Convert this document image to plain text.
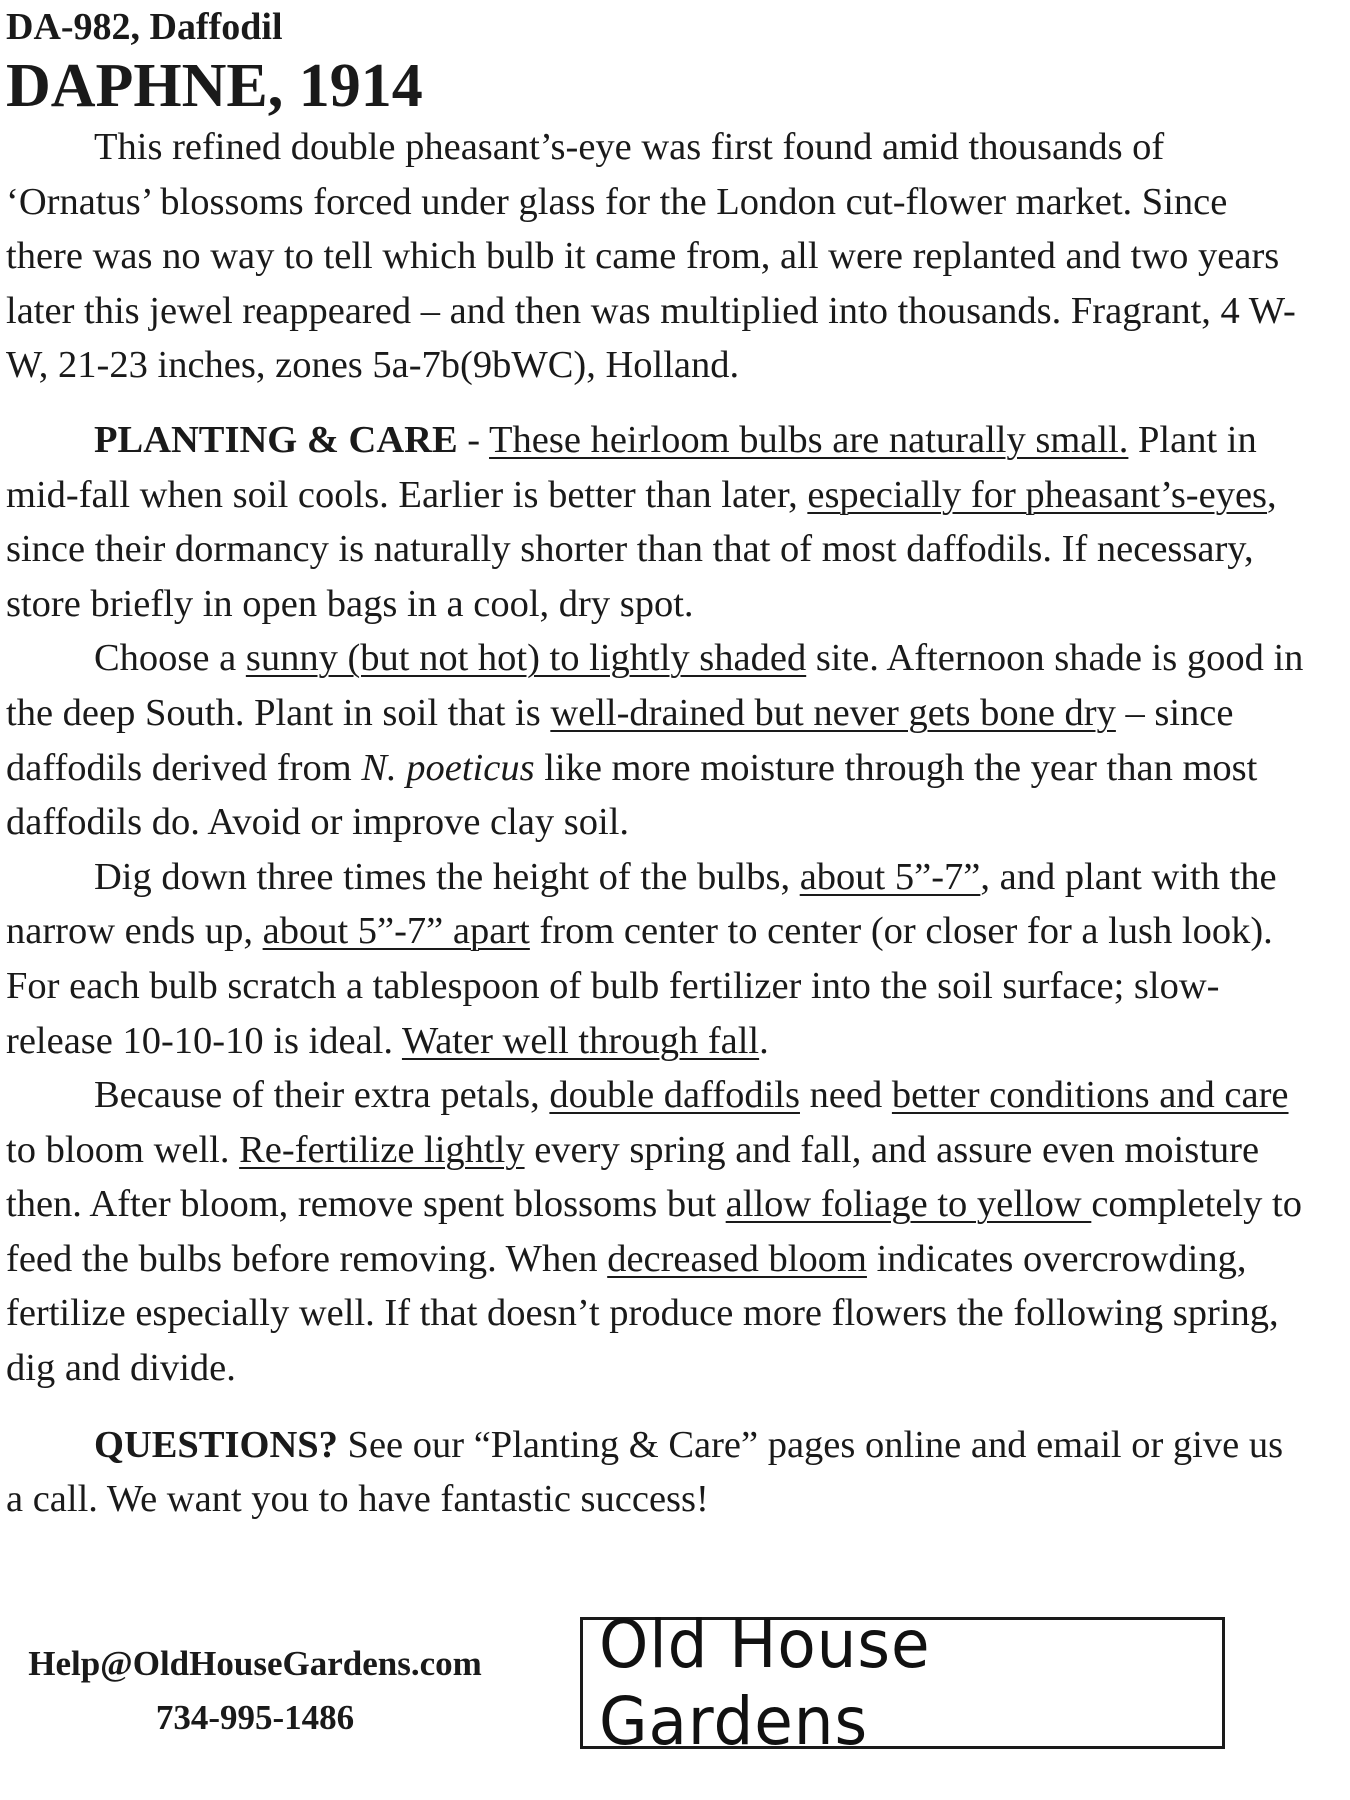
DA-982, Daffodil

DAPHNE, 1914

This refined double pheasant’s-eye was first found amid thousands of ‘Ornatus’ blossoms forced under glass for the London cut-flower market. Since there was no way to tell which bulb it came from, all were replanted and two years later this jewel reappeared – and then was multiplied into thousands. Fragrant, 4 W-W, 21-23 inches, zones 5a-7b(9bWC), Holland.

PLANTING & CARE - These heirloom bulbs are naturally small. Plant in mid-fall when soil cools. Earlier is better than later, especially for pheasant’s-eyes, since their dormancy is naturally shorter than that of most daffodils. If necessary, store briefly in open bags in a cool, dry spot.

Choose a sunny (but not hot) to lightly shaded site. Afternoon shade is good in the deep South. Plant in soil that is well-drained but never gets bone dry – since daffodils derived from N. poeticus like more moisture through the year than most daffodils do. Avoid or improve clay soil.

Dig down three times the height of the bulbs, about 5”-7”, and plant with the narrow ends up, about 5”-7” apart from center to center (or closer for a lush look). For each bulb scratch a tablespoon of bulb fertilizer into the soil surface; slow-release 10-10-10 is ideal. Water well through fall.

Because of their extra petals, double daffodils need better conditions and care to bloom well. Re-fertilize lightly every spring and fall, and assure even moisture then. After bloom, remove spent blossoms but allow foliage to yellow completely to feed the bulbs before removing. When decreased bloom indicates overcrowding, fertilize especially well. If that doesn’t produce more flowers the following spring, dig and divide.

QUESTIONS? See our “Planting & Care” pages online and email or give us a call. We want you to have fantastic success!

Help@OldHouseGardens.com
734-995-1486
Old House Gardens
